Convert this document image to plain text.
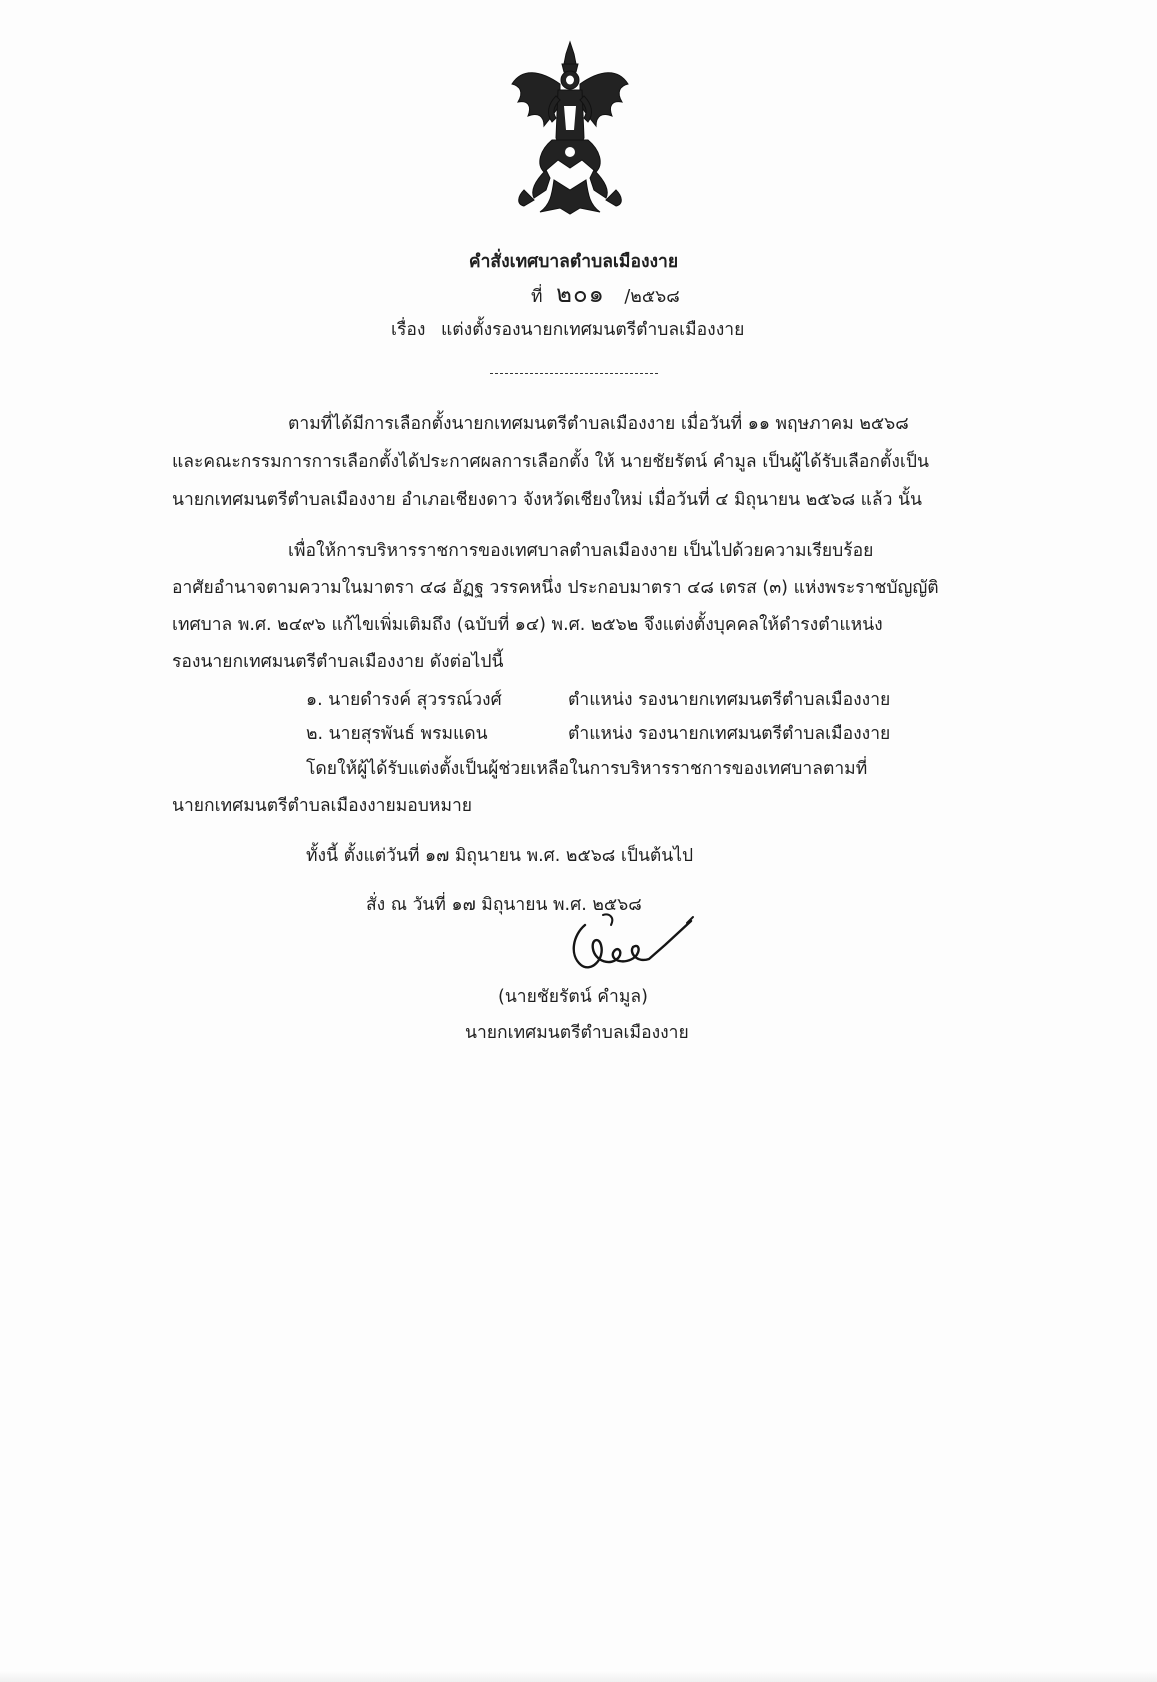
คำสั่งเทศบาลตำบลเมืองงาย
ที่ ๒๐๑ /๒๕๖๘
เรื่อง แต่งตั้งรองนายกเทศมนตรีตำบลเมืองงาย
ตามที่ได้มีการเลือกตั้งนายกเทศมนตรีตำบลเมืองงาย เมื่อวันที่ ๑๑ พฤษภาคม ๒๕๖๘
และคณะกรรมการการเลือกตั้งได้ประกาศผลการเลือกตั้ง ให้ นายชัยรัตน์ คำมูล เป็นผู้ได้รับเลือกตั้งเป็น
นายกเทศมนตรีตำบลเมืองงาย อำเภอเชียงดาว จังหวัดเชียงใหม่ เมื่อวันที่ ๔ มิถุนายน ๒๕๖๘ แล้ว นั้น
เพื่อให้การบริหารราชการของเทศบาลตำบลเมืองงาย เป็นไปด้วยความเรียบร้อย
อาศัยอำนาจตามความในมาตรา ๔๘ อัฏฐ วรรคหนึ่ง ประกอบมาตรา ๔๘ เตรส (๓) แห่งพระราชบัญญัติ
เทศบาล พ.ศ. ๒๔๙๖ แก้ไขเพิ่มเติมถึง (ฉบับที่ ๑๔) พ.ศ. ๒๕๖๒ จึงแต่งตั้งบุคคลให้ดำรงตำแหน่ง
รองนายกเทศมนตรีตำบลเมืองงาย ดังต่อไปนี้
๑. นายดำรงค์ สุวรรณ์วงศ์	ตำแหน่ง รองนายกเทศมนตรีตำบลเมืองงาย
๒. นายสุรพันธ์ พรมแดน	ตำแหน่ง รองนายกเทศมนตรีตำบลเมืองงาย
โดยให้ผู้ได้รับแต่งตั้งเป็นผู้ช่วยเหลือในการบริหารราชการของเทศบาลตามที่
นายกเทศมนตรีตำบลเมืองงายมอบหมาย
ทั้งนี้ ตั้งแต่วันที่ ๑๗ มิถุนายน พ.ศ. ๒๕๖๘ เป็นต้นไป
สั่ง ณ วันที่ ๑๗ มิถุนายน พ.ศ. ๒๕๖๘
(นายชัยรัตน์ คำมูล)
นายกเทศมนตรีตำบลเมืองงาย
